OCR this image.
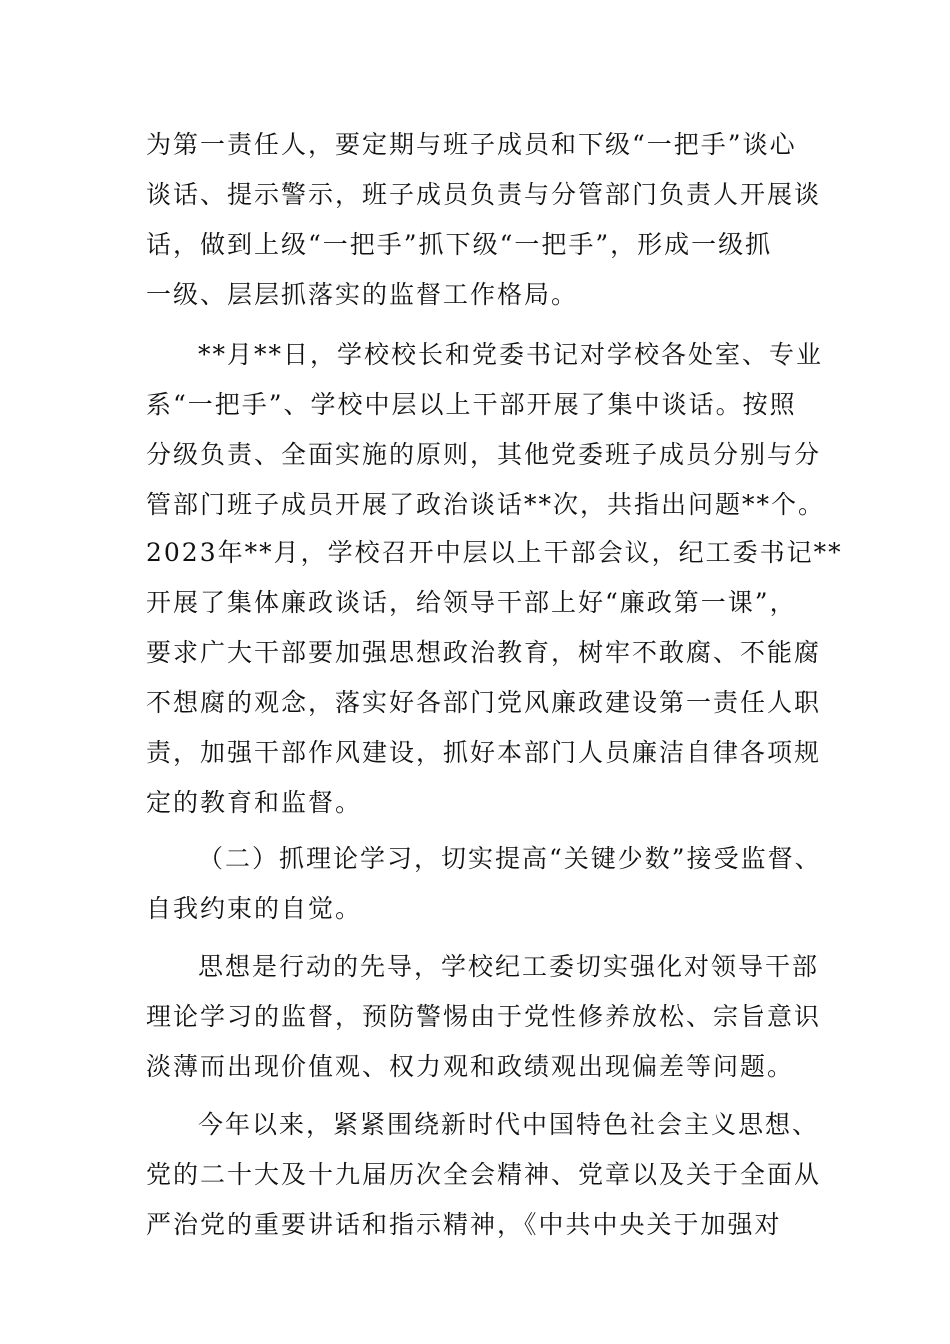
为第一责任人，要定期与班子成员和下级“一把手”谈心
谈话、提示警示，班子成员负责与分管部门负责人开展谈
话，做到上级“一把手”抓下级“一把手”，形成一级抓
一级、层层抓落实的监督工作格局。
**月**日，学校校长和党委书记对学校各处室、专业
系“一把手”、学校中层以上干部开展了集中谈话。按照
分级负责、全面实施的原则，其他党委班子成员分别与分
管部门班子成员开展了政治谈话**次，共指出问题**个。
2023年**月，学校召开中层以上干部会议，纪工委书记**
开展了集体廉政谈话，给领导干部上好“廉政第一课”，
要求广大干部要加强思想政治教育，树牢不敢腐、不能腐
不想腐的观念，落实好各部门党风廉政建设第一责任人职
责，加强干部作风建设，抓好本部门人员廉洁自律各项规
定的教育和监督。
（二）抓理论学习，切实提高“关键少数”接受监督、
自我约束的自觉。
思想是行动的先导，学校纪工委切实强化对领导干部
理论学习的监督，预防警惕由于党性修养放松、宗旨意识
淡薄而出现价值观、权力观和政绩观出现偏差等问题。
今年以来，紧紧围绕新时代中国特色社会主义思想、
党的二十大及十九届历次全会精神、党章以及关于全面从
严治党的重要讲话和指示精神，《中共中央关于加强对
